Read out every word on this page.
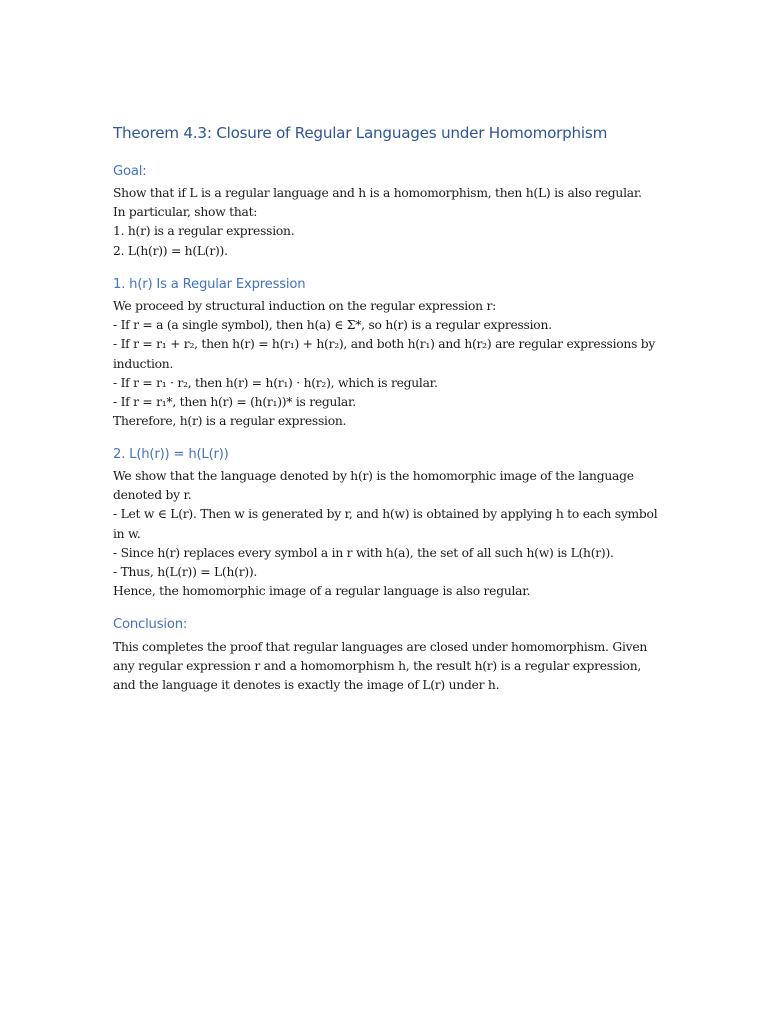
Theorem 4.3: Closure of Regular Languages under Homomorphism
Goal:
Show that if L is a regular language and h is a homomorphism, then h(L) is also regular.
In particular, show that:
1. h(r) is a regular expression.
2. L(h(r)) = h(L(r)).
1. h(r) Is a Regular Expression
We proceed by structural induction on the regular expression r:
- If r = a (a single symbol), then h(a) ∈ Σ*, so h(r) is a regular expression.
- If r = r₁ + r₂, then h(r) = h(r₁) + h(r₂), and both h(r₁) and h(r₂) are regular expressions by induction.
- If r = r₁ · r₂, then h(r) = h(r₁) · h(r₂), which is regular.
- If r = r₁*, then h(r) = (h(r₁))* is regular.
Therefore, h(r) is a regular expression.
2. L(h(r)) = h(L(r))
We show that the language denoted by h(r) is the homomorphic image of the language denoted by r.
- Let w ∈ L(r). Then w is generated by r, and h(w) is obtained by applying h to each symbol in w.
- Since h(r) replaces every symbol a in r with h(a), the set of all such h(w) is L(h(r)).
- Thus, h(L(r)) = L(h(r)).
Hence, the homomorphic image of a regular language is also regular.
Conclusion:
This completes the proof that regular languages are closed under homomorphism. Given any regular expression r and a homomorphism h, the result h(r) is a regular expression, and the language it denotes is exactly the image of L(r) under h.
